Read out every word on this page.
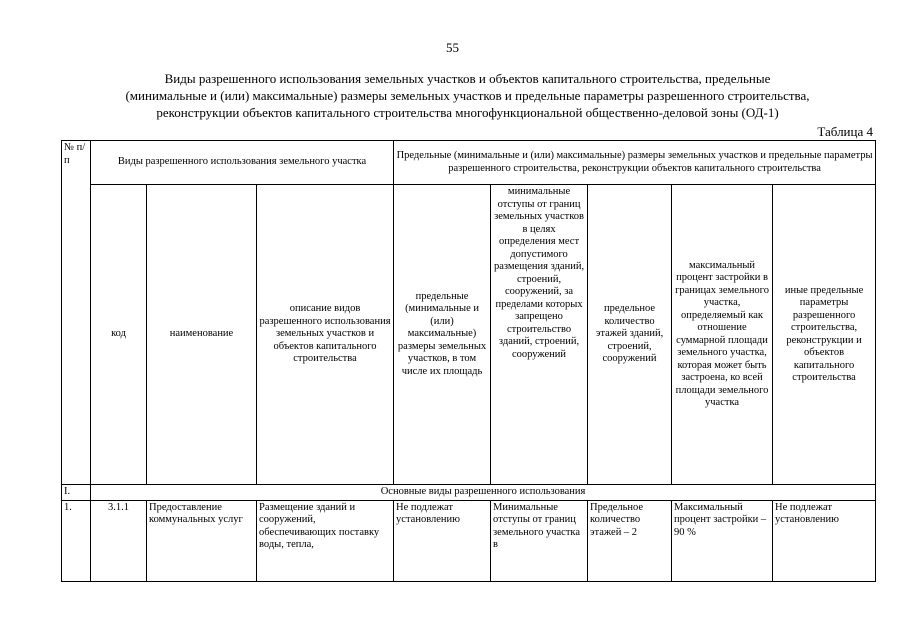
55
Виды разрешенного использования земельных участков и объектов капитального строительства, предельные
(минимальные и (или) максимальные) размеры земельных участков и предельные параметры разрешенного строительства,
реконструкции объектов капитального строительства многофункциональной общественно-деловой зоны (ОД-1)
Таблица 4
№ п/п	Виды разрешенного использования земельного участка			Предельные (минимальные и (или) максимальные) размеры земельных участков и предельные параметры разрешенного строительства, реконструкции объектов капитального строительства				
	код	наименование	описание видов разрешенного использования земельных участков и объектов капитального строительства	предельные (минимальные и (или) максимальные) размеры земельных участков, в том числе их площадь	минимальные отступы от границ земельных участков в целях определения мест допустимого размещения зданий, строений, сооружений, за пределами которых запрещено строительство зданий, строений, сооружений	предельное количество этажей зданий, строений, сооружений	максимальный процент застройки в границах земельного участка, определяемый как отношение суммарной площади земельного участка, которая может быть застроена, ко всей площади земельного участка	иные предельные параметры разрешенного строительства, реконструкции и объектов капитального строительства
I.	Основные виды разрешенного использования							
1.	3.1.1	Предоставление коммунальных услуг	Размещение зданий и сооружений, обеспечивающих поставку воды, тепла,	Не подлежат установлению	Минимальные отступы от границ земельного участка в	Предельное количество этажей – 2	Максимальный процент застройки – 90 %	Не подлежат установлению
